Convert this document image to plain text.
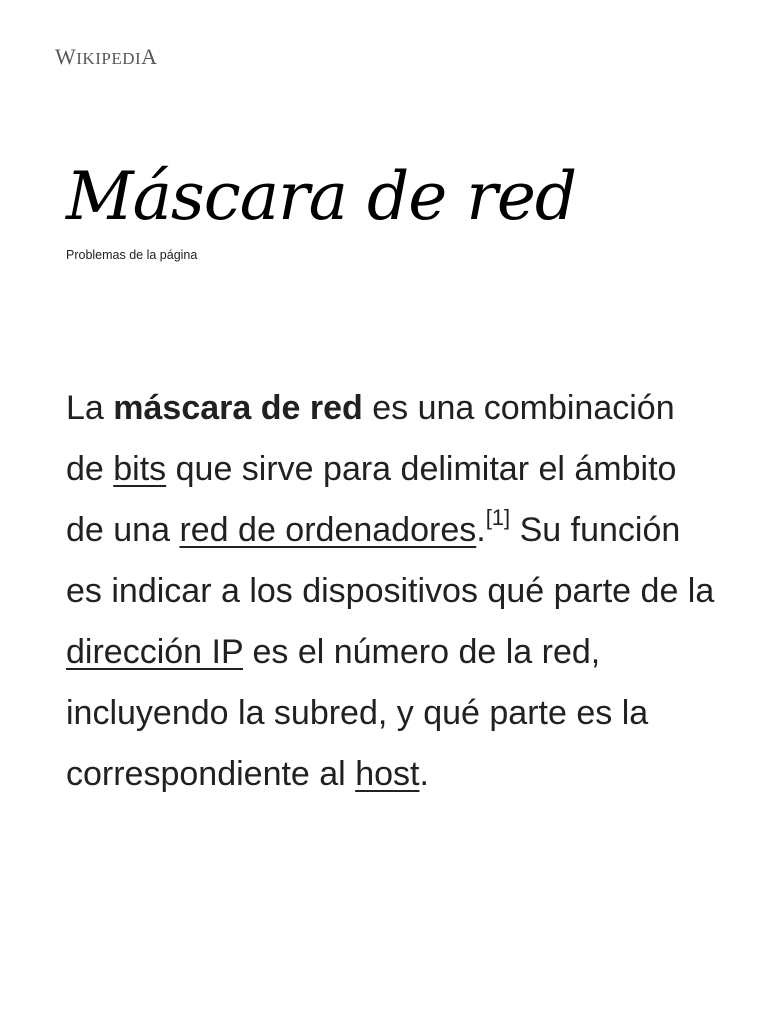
WIKIPEDIA
Máscara de red
Problemas de la página

La máscara de red es una combinación de bits que sirve para delimitar el ámbito de una red de ordenadores.[1] Su función es indicar a los dispositivos qué parte de la dirección IP es el número de la red, incluyendo la subred, y qué parte es la correspondiente al host.
